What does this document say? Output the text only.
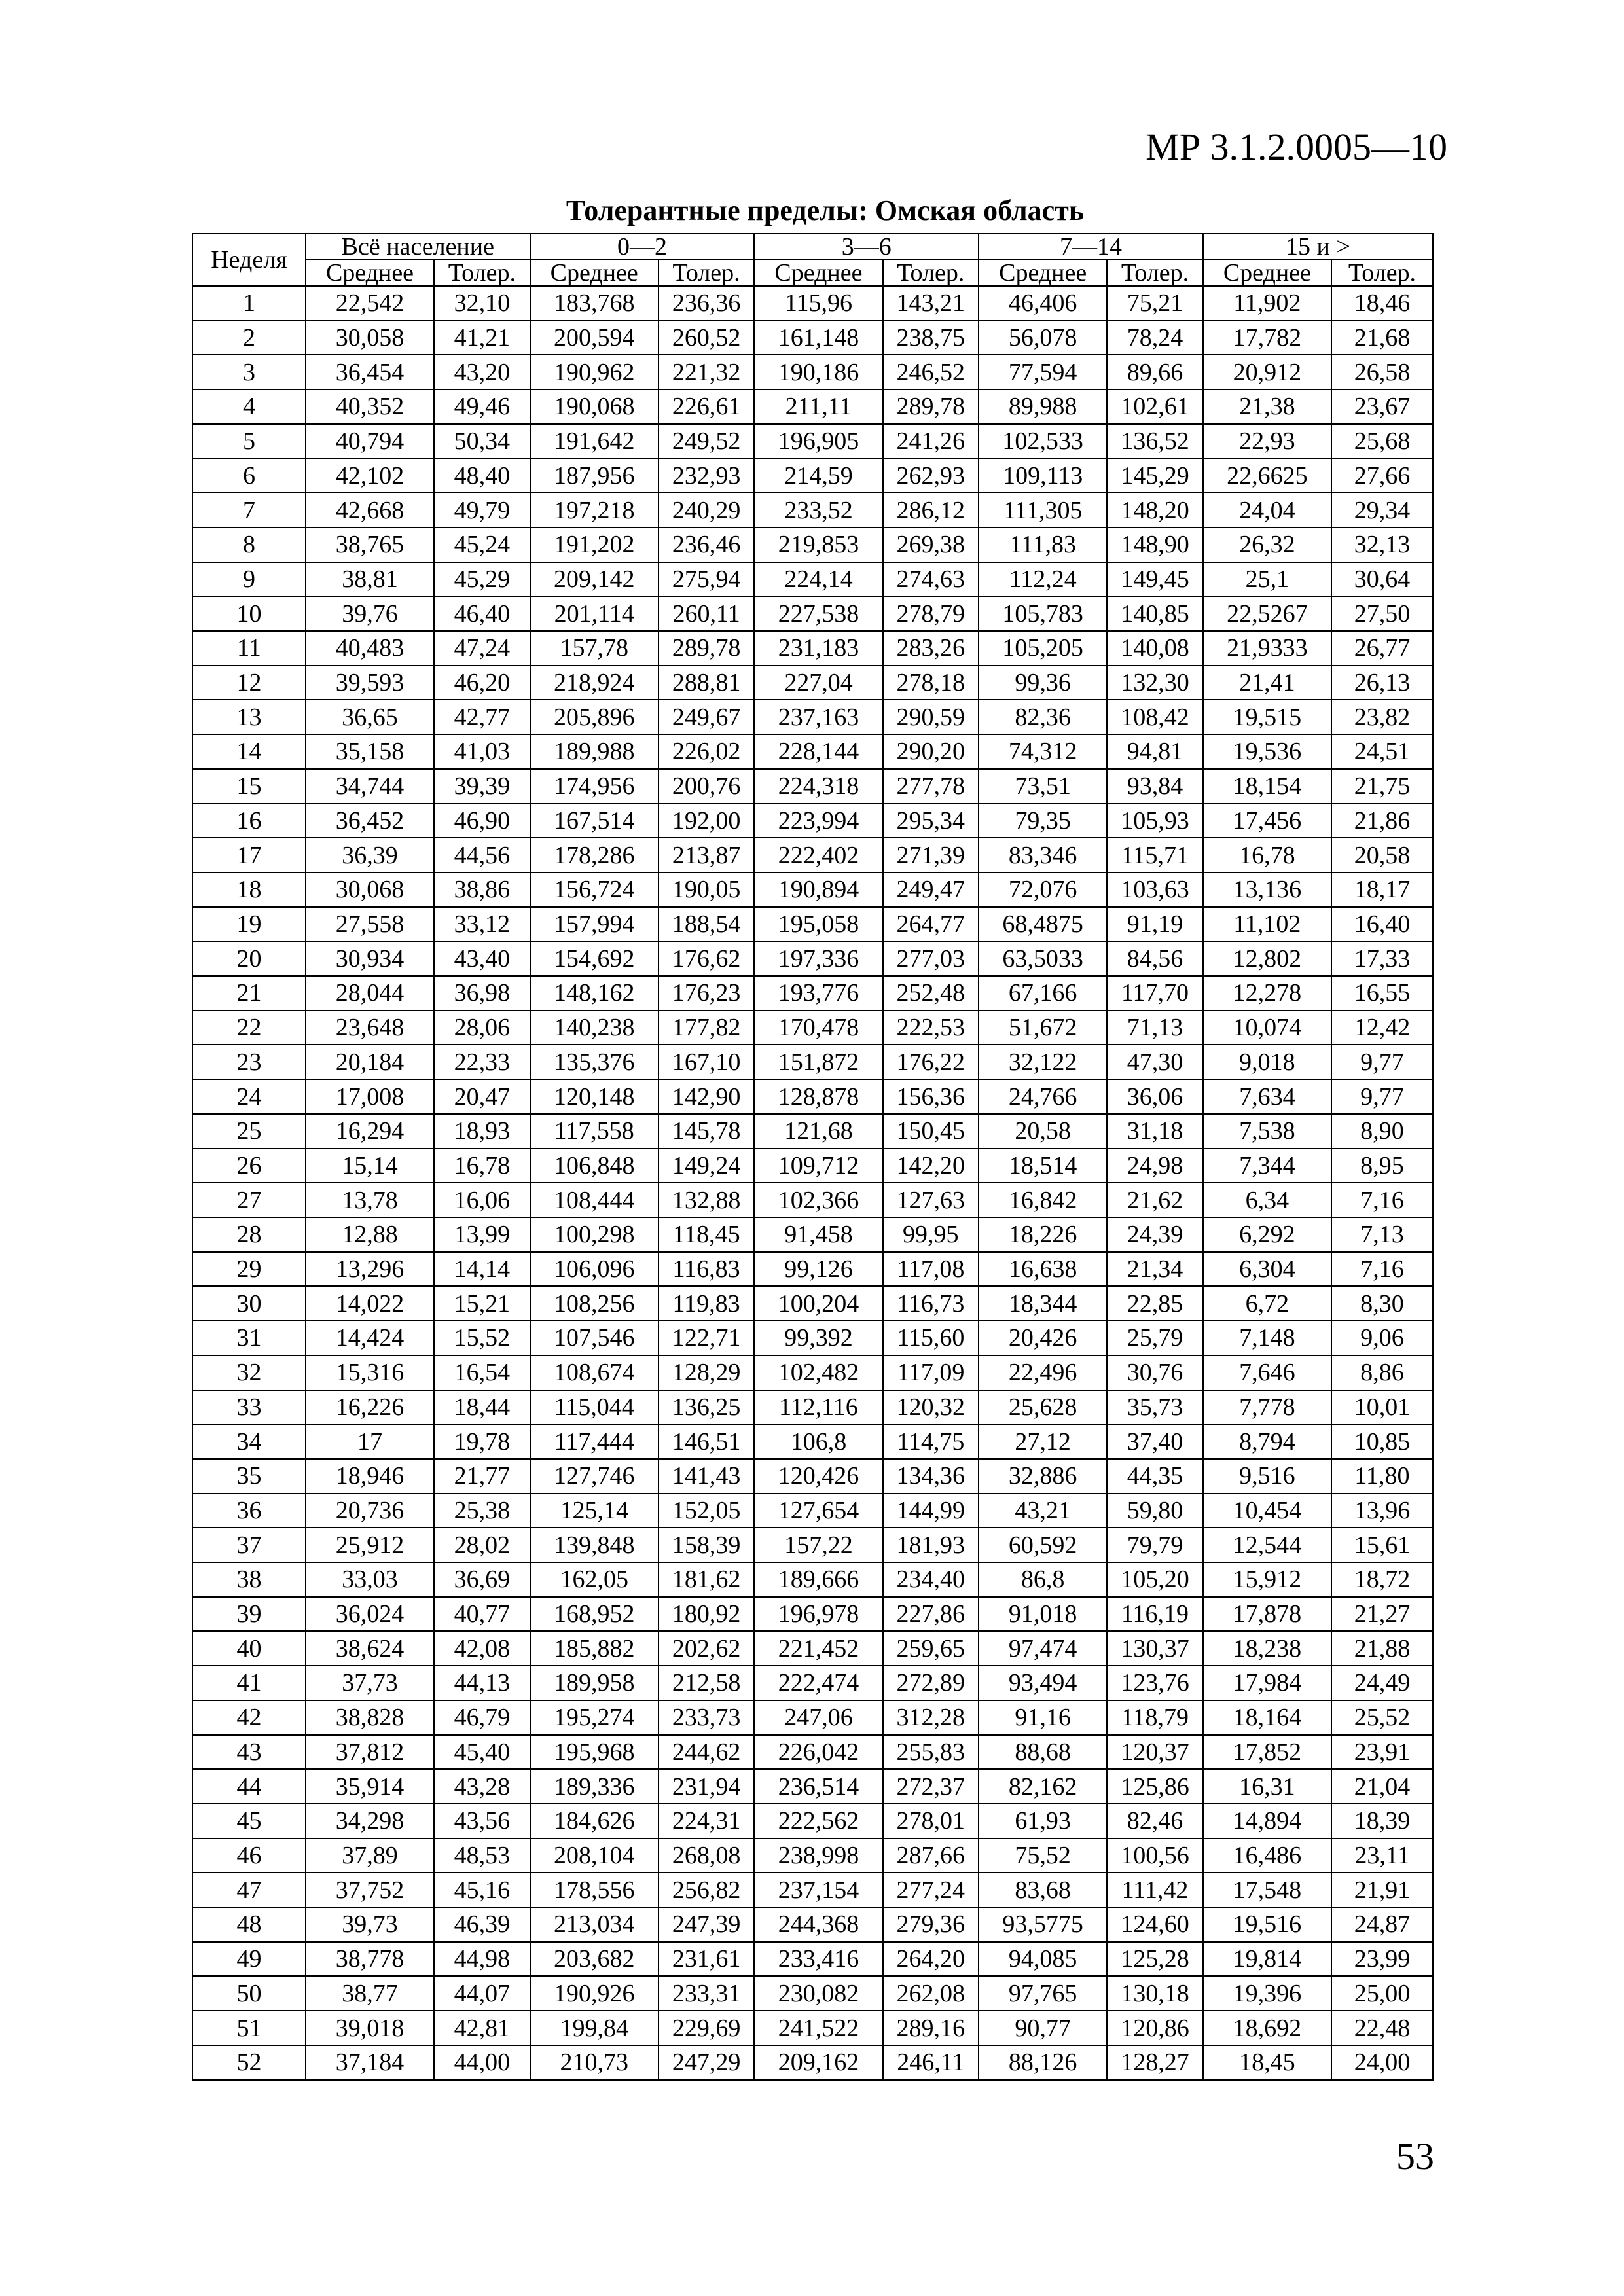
МР 3.1.2.0005—10
Толерантные пределы: Омская область
Неделя	Всё население		0—2		3—6		7—14		15 и >	
	Среднее	Толер.	Среднее	Толер.	Среднее	Толер.	Среднее	Толер.	Среднее	Толер.
1	22,542	32,10	183,768	236,36	115,96	143,21	46,406	75,21	11,902	18,46
2	30,058	41,21	200,594	260,52	161,148	238,75	56,078	78,24	17,782	21,68
3	36,454	43,20	190,962	221,32	190,186	246,52	77,594	89,66	20,912	26,58
4	40,352	49,46	190,068	226,61	211,11	289,78	89,988	102,61	21,38	23,67
5	40,794	50,34	191,642	249,52	196,905	241,26	102,533	136,52	22,93	25,68
6	42,102	48,40	187,956	232,93	214,59	262,93	109,113	145,29	22,6625	27,66
7	42,668	49,79	197,218	240,29	233,52	286,12	111,305	148,20	24,04	29,34
8	38,765	45,24	191,202	236,46	219,853	269,38	111,83	148,90	26,32	32,13
9	38,81	45,29	209,142	275,94	224,14	274,63	112,24	149,45	25,1	30,64
10	39,76	46,40	201,114	260,11	227,538	278,79	105,783	140,85	22,5267	27,50
11	40,483	47,24	157,78	289,78	231,183	283,26	105,205	140,08	21,9333	26,77
12	39,593	46,20	218,924	288,81	227,04	278,18	99,36	132,30	21,41	26,13
13	36,65	42,77	205,896	249,67	237,163	290,59	82,36	108,42	19,515	23,82
14	35,158	41,03	189,988	226,02	228,144	290,20	74,312	94,81	19,536	24,51
15	34,744	39,39	174,956	200,76	224,318	277,78	73,51	93,84	18,154	21,75
16	36,452	46,90	167,514	192,00	223,994	295,34	79,35	105,93	17,456	21,86
17	36,39	44,56	178,286	213,87	222,402	271,39	83,346	115,71	16,78	20,58
18	30,068	38,86	156,724	190,05	190,894	249,47	72,076	103,63	13,136	18,17
19	27,558	33,12	157,994	188,54	195,058	264,77	68,4875	91,19	11,102	16,40
20	30,934	43,40	154,692	176,62	197,336	277,03	63,5033	84,56	12,802	17,33
21	28,044	36,98	148,162	176,23	193,776	252,48	67,166	117,70	12,278	16,55
22	23,648	28,06	140,238	177,82	170,478	222,53	51,672	71,13	10,074	12,42
23	20,184	22,33	135,376	167,10	151,872	176,22	32,122	47,30	9,018	9,77
24	17,008	20,47	120,148	142,90	128,878	156,36	24,766	36,06	7,634	9,77
25	16,294	18,93	117,558	145,78	121,68	150,45	20,58	31,18	7,538	8,90
26	15,14	16,78	106,848	149,24	109,712	142,20	18,514	24,98	7,344	8,95
27	13,78	16,06	108,444	132,88	102,366	127,63	16,842	21,62	6,34	7,16
28	12,88	13,99	100,298	118,45	91,458	99,95	18,226	24,39	6,292	7,13
29	13,296	14,14	106,096	116,83	99,126	117,08	16,638	21,34	6,304	7,16
30	14,022	15,21	108,256	119,83	100,204	116,73	18,344	22,85	6,72	8,30
31	14,424	15,52	107,546	122,71	99,392	115,60	20,426	25,79	7,148	9,06
32	15,316	16,54	108,674	128,29	102,482	117,09	22,496	30,76	7,646	8,86
33	16,226	18,44	115,044	136,25	112,116	120,32	25,628	35,73	7,778	10,01
34	17	19,78	117,444	146,51	106,8	114,75	27,12	37,40	8,794	10,85
35	18,946	21,77	127,746	141,43	120,426	134,36	32,886	44,35	9,516	11,80
36	20,736	25,38	125,14	152,05	127,654	144,99	43,21	59,80	10,454	13,96
37	25,912	28,02	139,848	158,39	157,22	181,93	60,592	79,79	12,544	15,61
38	33,03	36,69	162,05	181,62	189,666	234,40	86,8	105,20	15,912	18,72
39	36,024	40,77	168,952	180,92	196,978	227,86	91,018	116,19	17,878	21,27
40	38,624	42,08	185,882	202,62	221,452	259,65	97,474	130,37	18,238	21,88
41	37,73	44,13	189,958	212,58	222,474	272,89	93,494	123,76	17,984	24,49
42	38,828	46,79	195,274	233,73	247,06	312,28	91,16	118,79	18,164	25,52
43	37,812	45,40	195,968	244,62	226,042	255,83	88,68	120,37	17,852	23,91
44	35,914	43,28	189,336	231,94	236,514	272,37	82,162	125,86	16,31	21,04
45	34,298	43,56	184,626	224,31	222,562	278,01	61,93	82,46	14,894	18,39
46	37,89	48,53	208,104	268,08	238,998	287,66	75,52	100,56	16,486	23,11
47	37,752	45,16	178,556	256,82	237,154	277,24	83,68	111,42	17,548	21,91
48	39,73	46,39	213,034	247,39	244,368	279,36	93,5775	124,60	19,516	24,87
49	38,778	44,98	203,682	231,61	233,416	264,20	94,085	125,28	19,814	23,99
50	38,77	44,07	190,926	233,31	230,082	262,08	97,765	130,18	19,396	25,00
51	39,018	42,81	199,84	229,69	241,522	289,16	90,77	120,86	18,692	22,48
52	37,184	44,00	210,73	247,29	209,162	246,11	88,126	128,27	18,45	24,00
53
